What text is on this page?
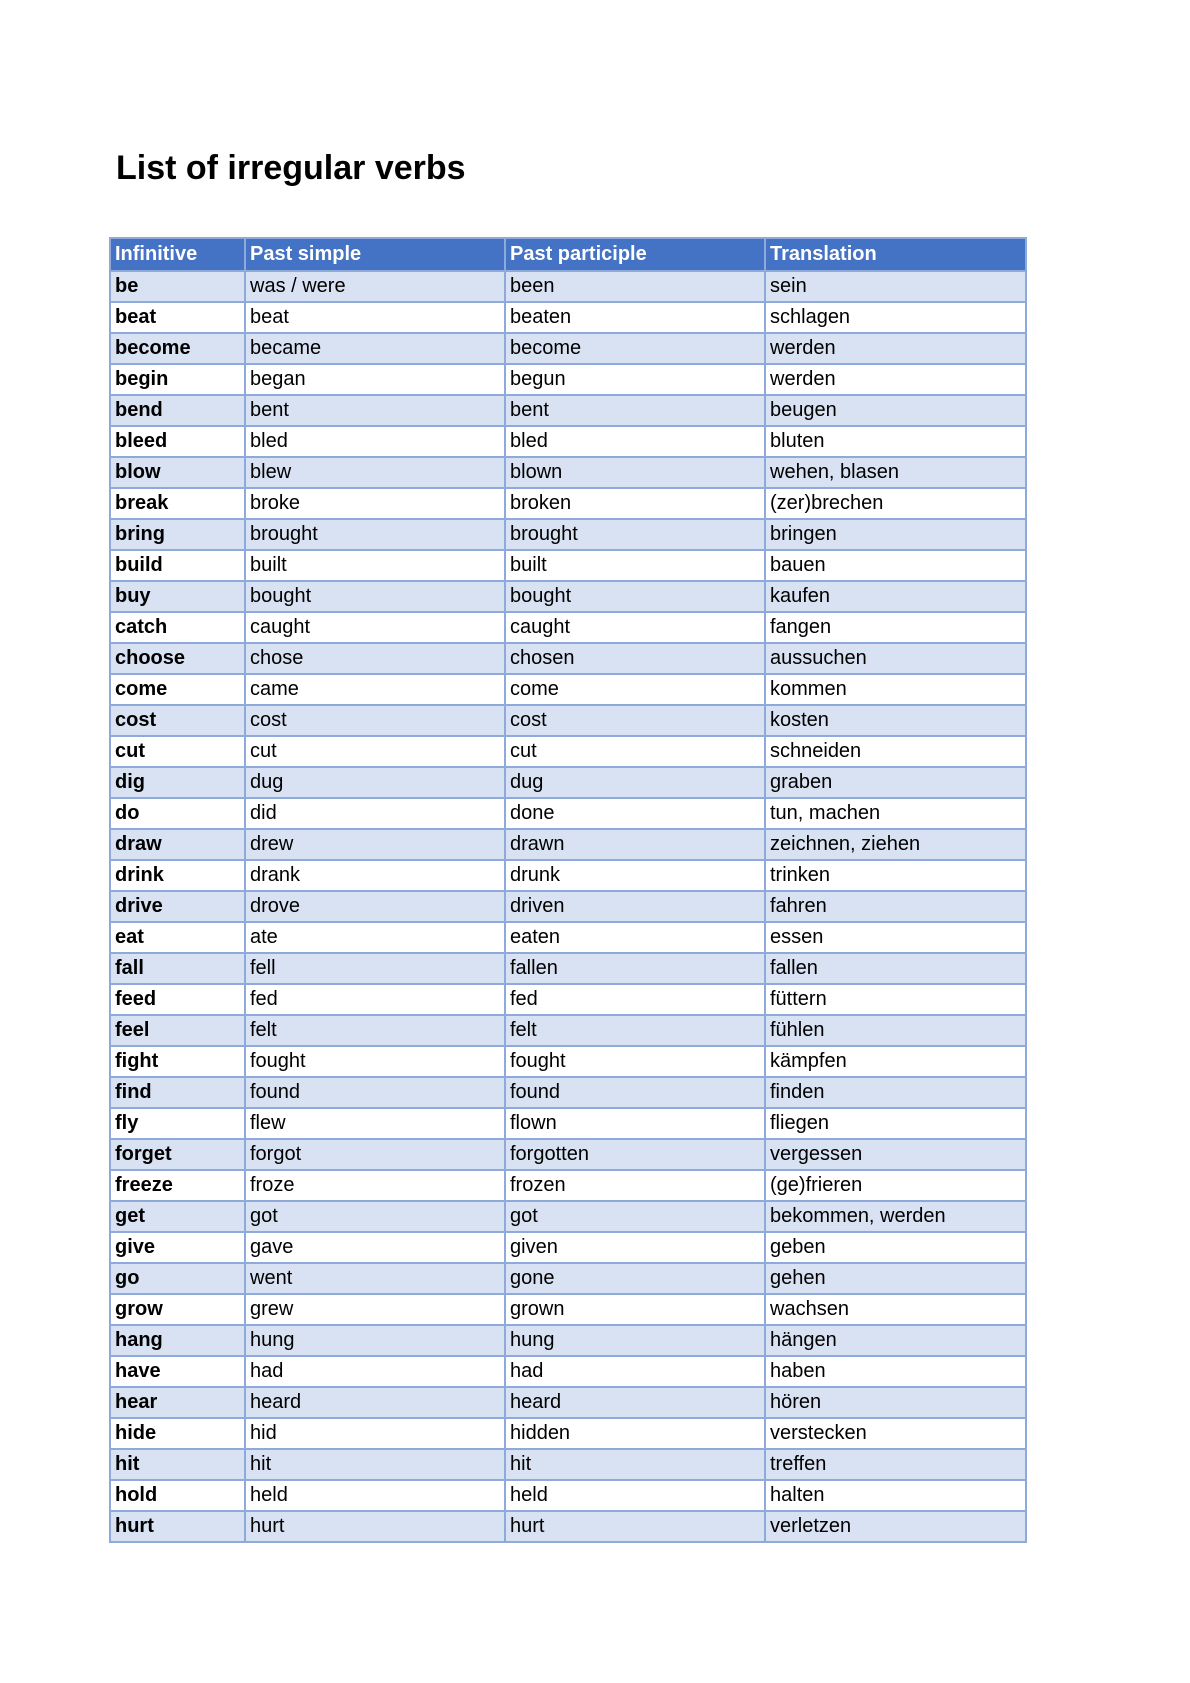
List of irregular verbs
Infinitive	Past simple	Past participle	Translation
be	was / were	been	sein
beat	beat	beaten	schlagen
become	became	become	werden
begin	began	begun	werden
bend	bent	bent	beugen
bleed	bled	bled	bluten
blow	blew	blown	wehen, blasen
break	broke	broken	(zer)brechen
bring	brought	brought	bringen
build	built	built	bauen
buy	bought	bought	kaufen
catch	caught	caught	fangen
choose	chose	chosen	aussuchen
come	came	come	kommen
cost	cost	cost	kosten
cut	cut	cut	schneiden
dig	dug	dug	graben
do	did	done	tun, machen
draw	drew	drawn	zeichnen, ziehen
drink	drank	drunk	trinken
drive	drove	driven	fahren
eat	ate	eaten	essen
fall	fell	fallen	fallen
feed	fed	fed	füttern
feel	felt	felt	fühlen
fight	fought	fought	kämpfen
find	found	found	finden
fly	flew	flown	fliegen
forget	forgot	forgotten	vergessen
freeze	froze	frozen	(ge)frieren
get	got	got	bekommen, werden
give	gave	given	geben
go	went	gone	gehen
grow	grew	grown	wachsen
hang	hung	hung	hängen
have	had	had	haben
hear	heard	heard	hören
hide	hid	hidden	verstecken
hit	hit	hit	treffen
hold	held	held	halten
hurt	hurt	hurt	verletzen
